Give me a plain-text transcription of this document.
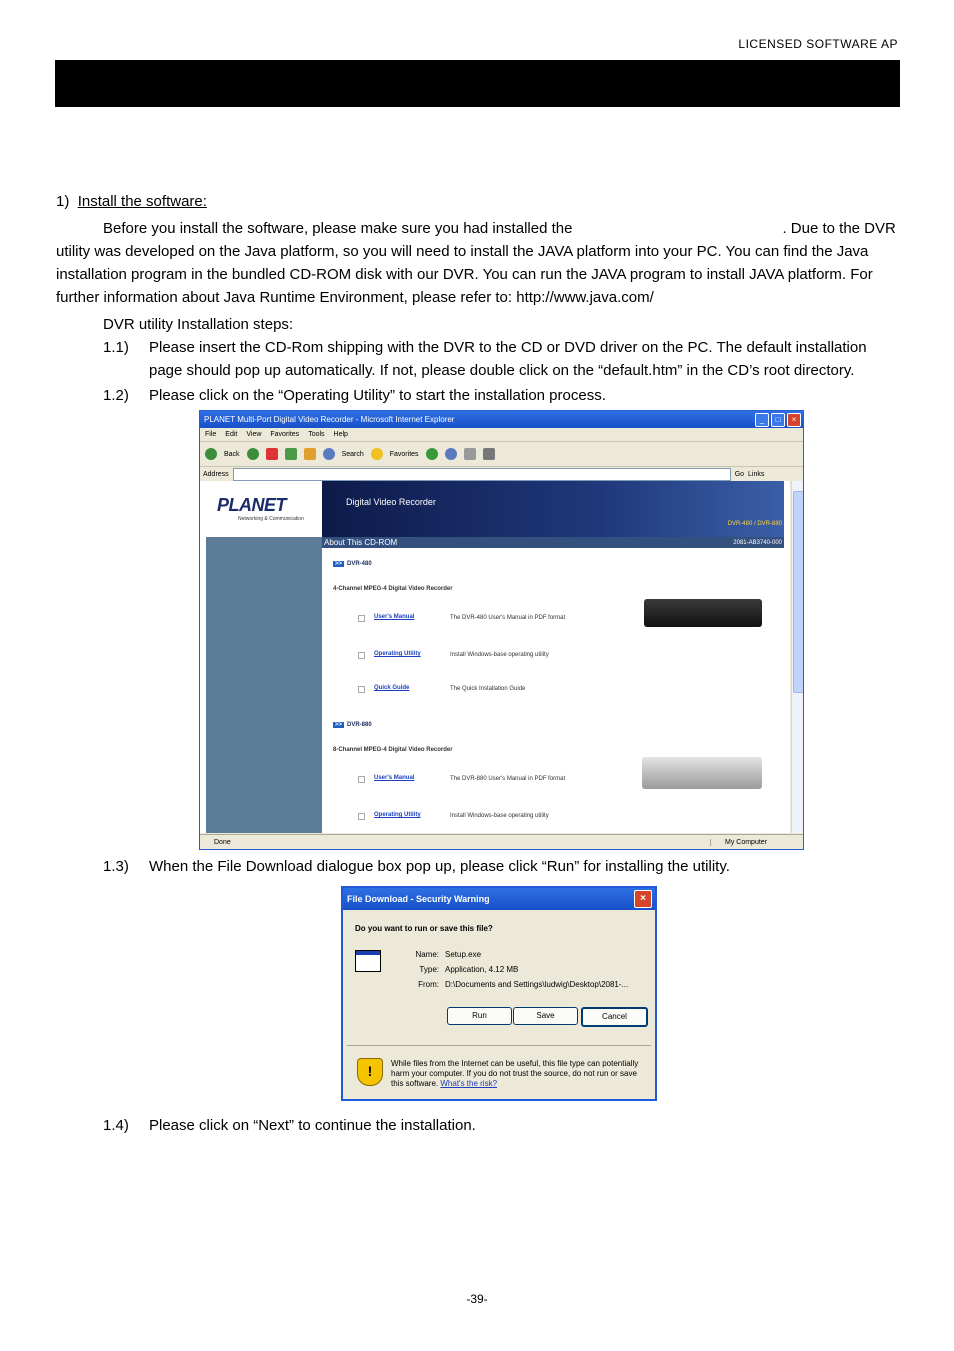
LICENSED SOFTWARE AP
1) Install the software:

Before you install the software, please make sure you had installed the	. Due to the DVR utility was developed on the Java platform, so you will need to install the JAVA platform into your PC. You can find the Java installation program in the bundled CD-ROM disk with our DVR. You can run the JAVA program to install JAVA platform. For further information about Java Runtime Environment, please refer to: http://www.java.com/

DVR utility Installation steps:
1.1)	Please insert the CD-Rom shipping with the DVR to the CD or DVD driver on the PC. The default installation page should pop up automatically. If not, please double click on the “default.htm” in the CD’s root directory.
1.2)	Please click on the “Operating Utility” to start the installation process.
PLANET Multi-Port Digital Video Recorder - Microsoft Internet Explorer	_	□	×
File Edit View Favorites Tools Help
Back	Search	Favorites
Address	Go Links
PLANET
Networking & Communication
Digital Video Recorder
DVR-480 / DVR-880
About This CD-ROM	2081-AB3740-000
>> DVR-480
4-Channel MPEG-4 Digital Video Recorder
User's Manual	The DVR-480 User's Manual in PDF format
Operating Utility	Install Windows-base operating utility
Quick Guide	The Quick Installation Guide
>> DVR-880
8-Channel MPEG-4 Digital Video Recorder
User's Manual	The DVR-880 User's Manual in PDF format
Operating Utility	Install Windows-base operating utility
Done	My Computer
1.3)	When the File Download dialogue box pop up, please click “Run” for installing the utility.
File Download - Security Warning	×
Do you want to run or save this file?
Name: Setup.exe
Type: Application, 4.12 MB
From: D:\Documents and Settings\ludwig\Desktop\2081-...
Run	Save	Cancel
!	While files from the Internet can be useful, this file type can potentially harm your computer. If you do not trust the source, do not run or save this software. What's the risk?
1.4)	Please click on “Next” to continue the installation.
-39-
